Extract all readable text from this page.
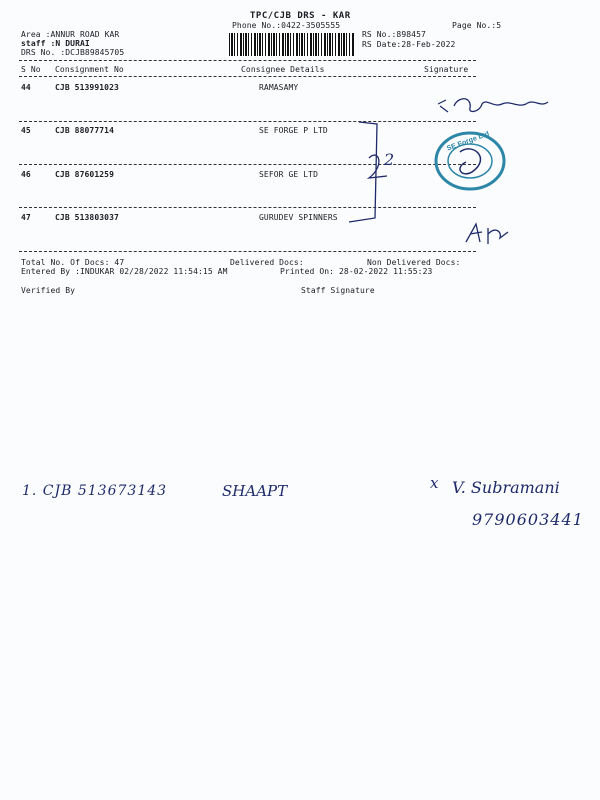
TPC/CJB DRS - KAR
Phone No.:0422-3505555	Page No.:5
Area :ANNUR ROAD KAR
staff :N DURAI
DRS No. :DCJB89845705
RS No.:898457
RS Date:28-Feb-2022
S No Consignment No	Consignee Details	Signature
44	CJB 513991023	RAMASAMY
45	CJB 88077714	SE FORGE P LTD
46	CJB 87601259	SEFOR GE LTD
47	CJB 513803037	GURUDEV SPINNERS
Total No. Of Docs: 47	Delivered Docs:	Non Delivered Docs:
Entered By :INDUKAR 02/28/2022 11:54:15 AM	Printed On: 28-02-2022 11:55:23
Verified By	Staff Signature
2
SE Forge Ltd
1. CJB 513673143	SHAAPT	x V. Subramani
9790603441
